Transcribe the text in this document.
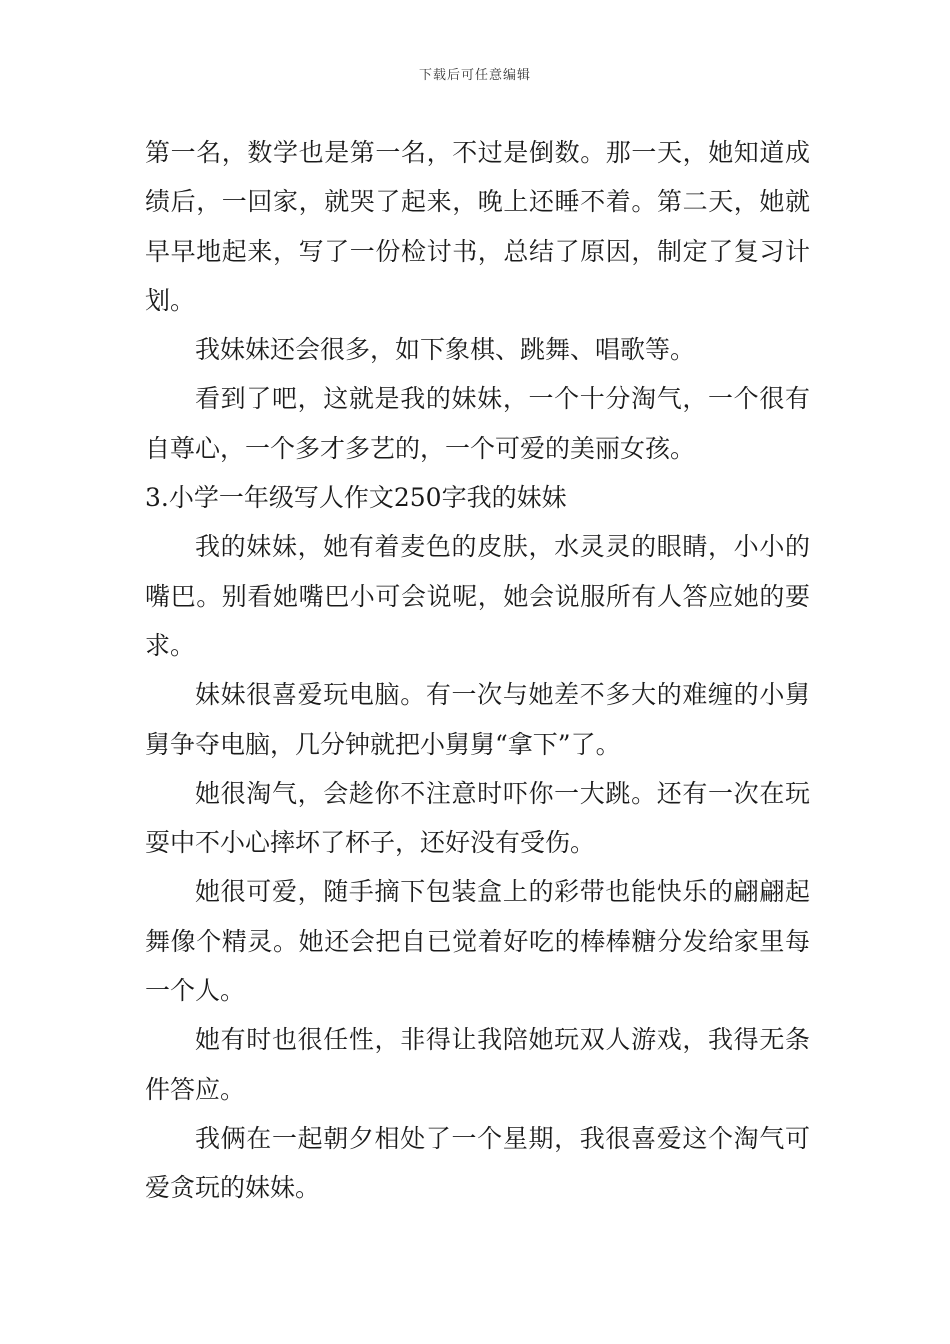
下载后可任意编辑

第一名，数学也是第一名，不过是倒数。那一天，她知道成绩后，一回家，就哭了起来，晚上还睡不着。第二天，她就早早地起来，写了一份检讨书，总结了原因，制定了复习计划。

我妹妹还会很多，如下象棋、跳舞、唱歌等。

看到了吧，这就是我的妹妹，一个十分淘气，一个很有自尊心，一个多才多艺的，一个可爱的美丽女孩。

3.小学一年级写人作文250字我的妹妹

我的妹妹，她有着麦色的皮肤，水灵灵的眼睛，小小的嘴巴。别看她嘴巴小可会说呢，她会说服所有人答应她的要求。

妹妹很喜爱玩电脑。有一次与她差不多大的难缠的小舅舅争夺电脑，几分钟就把小舅舅“拿下”了。

她很淘气，会趁你不注意时吓你一大跳。还有一次在玩耍中不小心摔坏了杯子，还好没有受伤。

她很可爱，随手摘下包装盒上的彩带也能快乐的翩翩起舞像个精灵。她还会把自已觉着好吃的棒棒糖分发给家里每一个人。

她有时也很任性，非得让我陪她玩双人游戏，我得无条件答应。

我俩在一起朝夕相处了一个星期，我很喜爱这个淘气可爱贪玩的妹妹。
